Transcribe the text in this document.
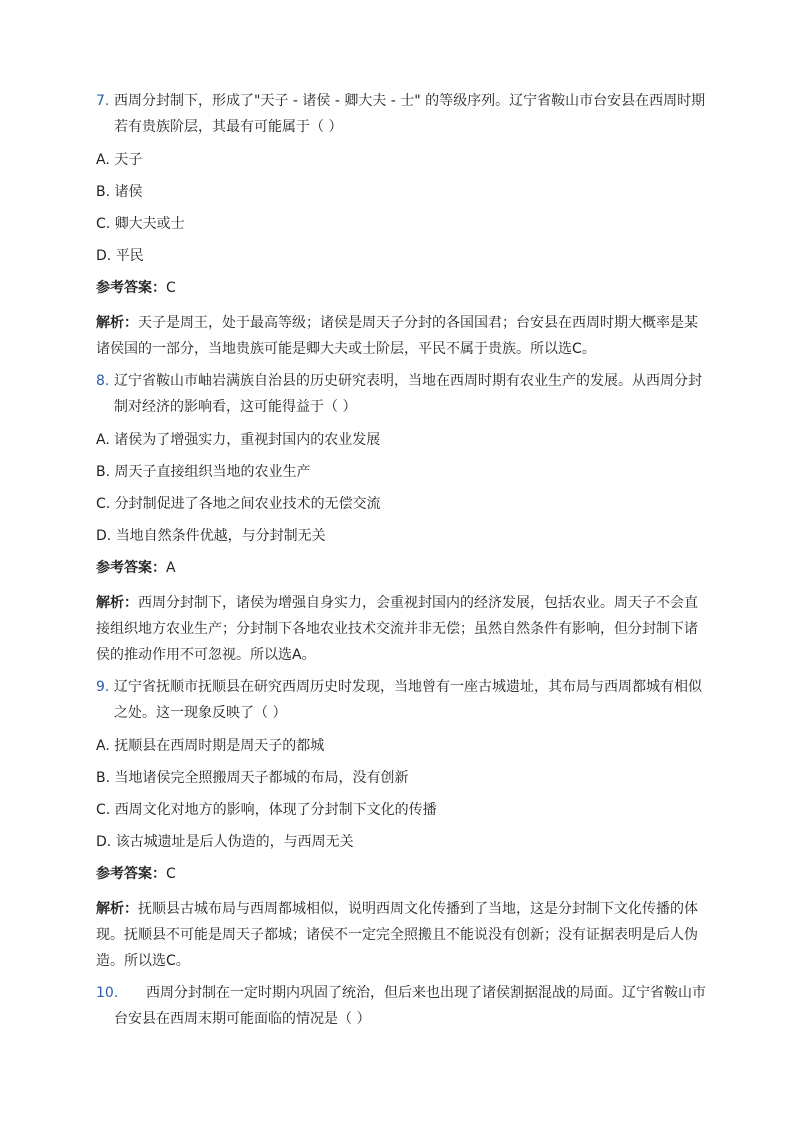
7. 西周分封制下，形成了"天子 - 诸侯 - 卿大夫 - 士" 的等级序列。辽宁省鞍山市台安县在西周时期若有贵族阶层，其最有可能属于（ ）
A. 天子
B. 诸侯
C. 卿大夫或士
D. 平民
参考答案：C
解析：天子是周王，处于最高等级；诸侯是周天子分封的各国国君；台安县在西周时期大概率是某诸侯国的一部分，当地贵族可能是卿大夫或士阶层，平民不属于贵族。所以选C。
8. 辽宁省鞍山市岫岩满族自治县的历史研究表明，当地在西周时期有农业生产的发展。从西周分封制对经济的影响看，这可能得益于（ ）
A. 诸侯为了增强实力，重视封国内的农业发展
B. 周天子直接组织当地的农业生产
C. 分封制促进了各地之间农业技术的无偿交流
D. 当地自然条件优越，与分封制无关
参考答案：A
解析：西周分封制下，诸侯为增强自身实力，会重视封国内的经济发展，包括农业。周天子不会直接组织地方农业生产；分封制下各地农业技术交流并非无偿；虽然自然条件有影响，但分封制下诸侯的推动作用不可忽视。所以选A。
9. 辽宁省抚顺市抚顺县在研究西周历史时发现，当地曾有一座古城遗址，其布局与西周都城有相似之处。这一现象反映了（ ）
A. 抚顺县在西周时期是周天子的都城
B. 当地诸侯完全照搬周天子都城的布局，没有创新
C. 西周文化对地方的影响，体现了分封制下文化的传播
D. 该古城遗址是后人伪造的，与西周无关
参考答案：C
解析：抚顺县古城布局与西周都城相似，说明西周文化传播到了当地，这是分封制下文化传播的体现。抚顺县不可能是周天子都城；诸侯不一定完全照搬且不能说没有创新；没有证据表明是后人伪造。所以选C。
10. 西周分封制在一定时期内巩固了统治，但后来也出现了诸侯割据混战的局面。辽宁省鞍山市台安县在西周末期可能面临的情况是（ ）
